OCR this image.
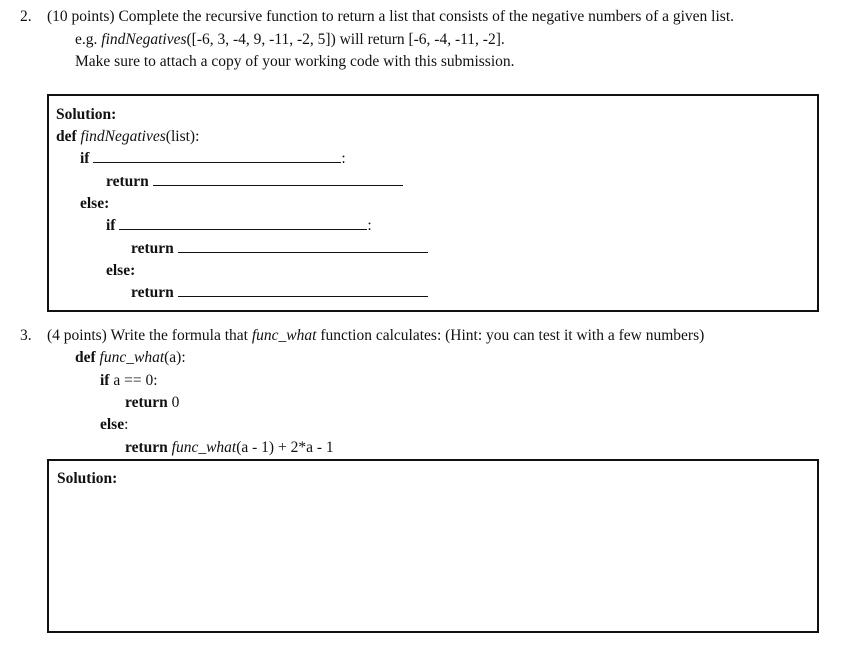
2. (10 points) Complete the recursive function to return a list that consists of the negative numbers of a given list.
e.g. findNegatives([-6, 3, -4, 9, -11, -2, 5]) will return [-6, -4, -11, -2].
Make sure to attach a copy of your working code with this submission.
Solution:
def findNegatives(list):
if	:
return
else:
if	:
return
else:
return
3. (4 points) Write the formula that func_what function calculates: (Hint: you can test it with a few numbers)
def func_what(a):
if a == 0:
return 0
else:
return func_what(a - 1) + 2*a - 1
Solution:
